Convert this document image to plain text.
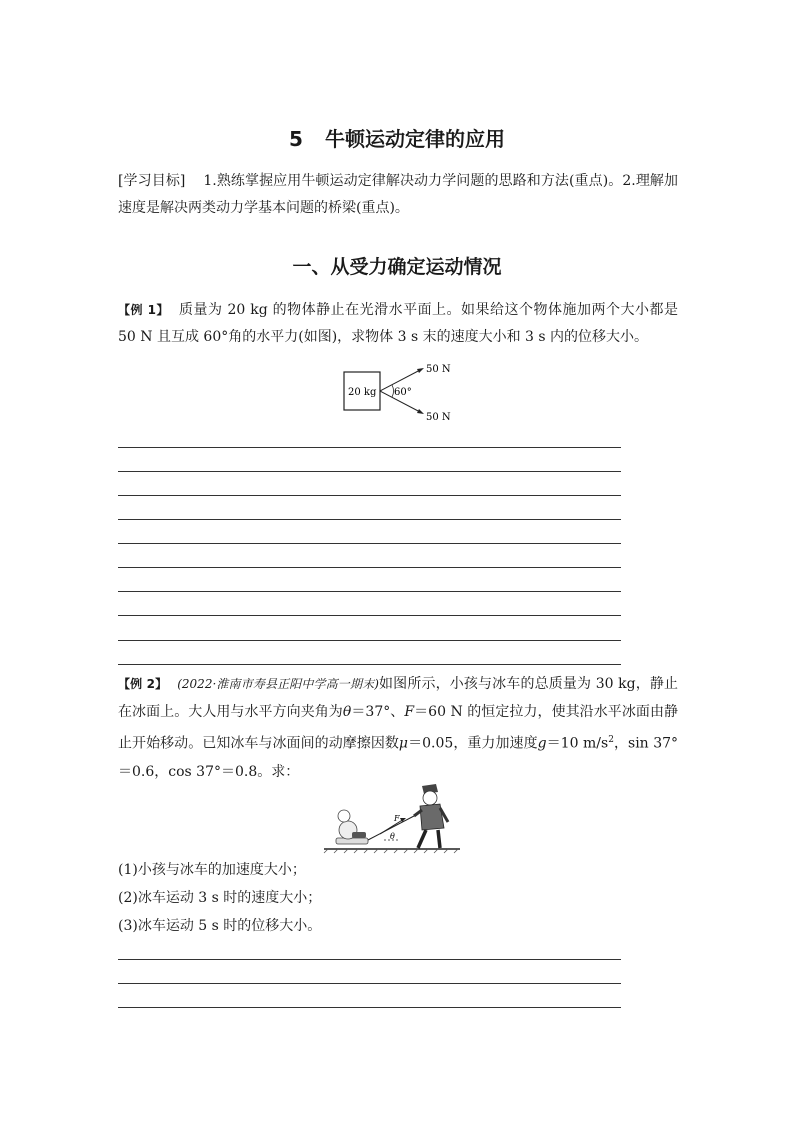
5 牛顿运动定律的应用
[学习目标] 1.熟练掌握应用牛顿运动定律解决动力学问题的思路和方法(重点)。2.理解加速度是解决两类动力学基本问题的桥梁(重点)。
一、从受力确定运动情况
【例 1】 质量为 20 kg 的物体静止在光滑水平面上。如果给这个物体施加两个大小都是 50 N 且互成 60°角的水平力(如图)，求物体 3 s 末的速度大小和 3 s 内的位移大小。
20 kg 60°
50 N
50 N
【例 2】 (2022·淮南市寿县正阳中学高一期末)如图所示，小孩与冰车的总质量为 30 kg，静止在冰面上。大人用与水平方向夹角为θ＝37°、F＝60 N 的恒定拉力，使其沿水平冰面由静止开始移动。已知冰车与冰面间的动摩擦因数μ＝0.05，重力加速度g＝10 $m/s^2$，sin 37°＝0.6，cos 37°＝0.8。求：
F
θ
(1)小孩与冰车的加速度大小；
(2)冰车运动 3 s 时的速度大小；
(3)冰车运动 5 s 时的位移大小。
